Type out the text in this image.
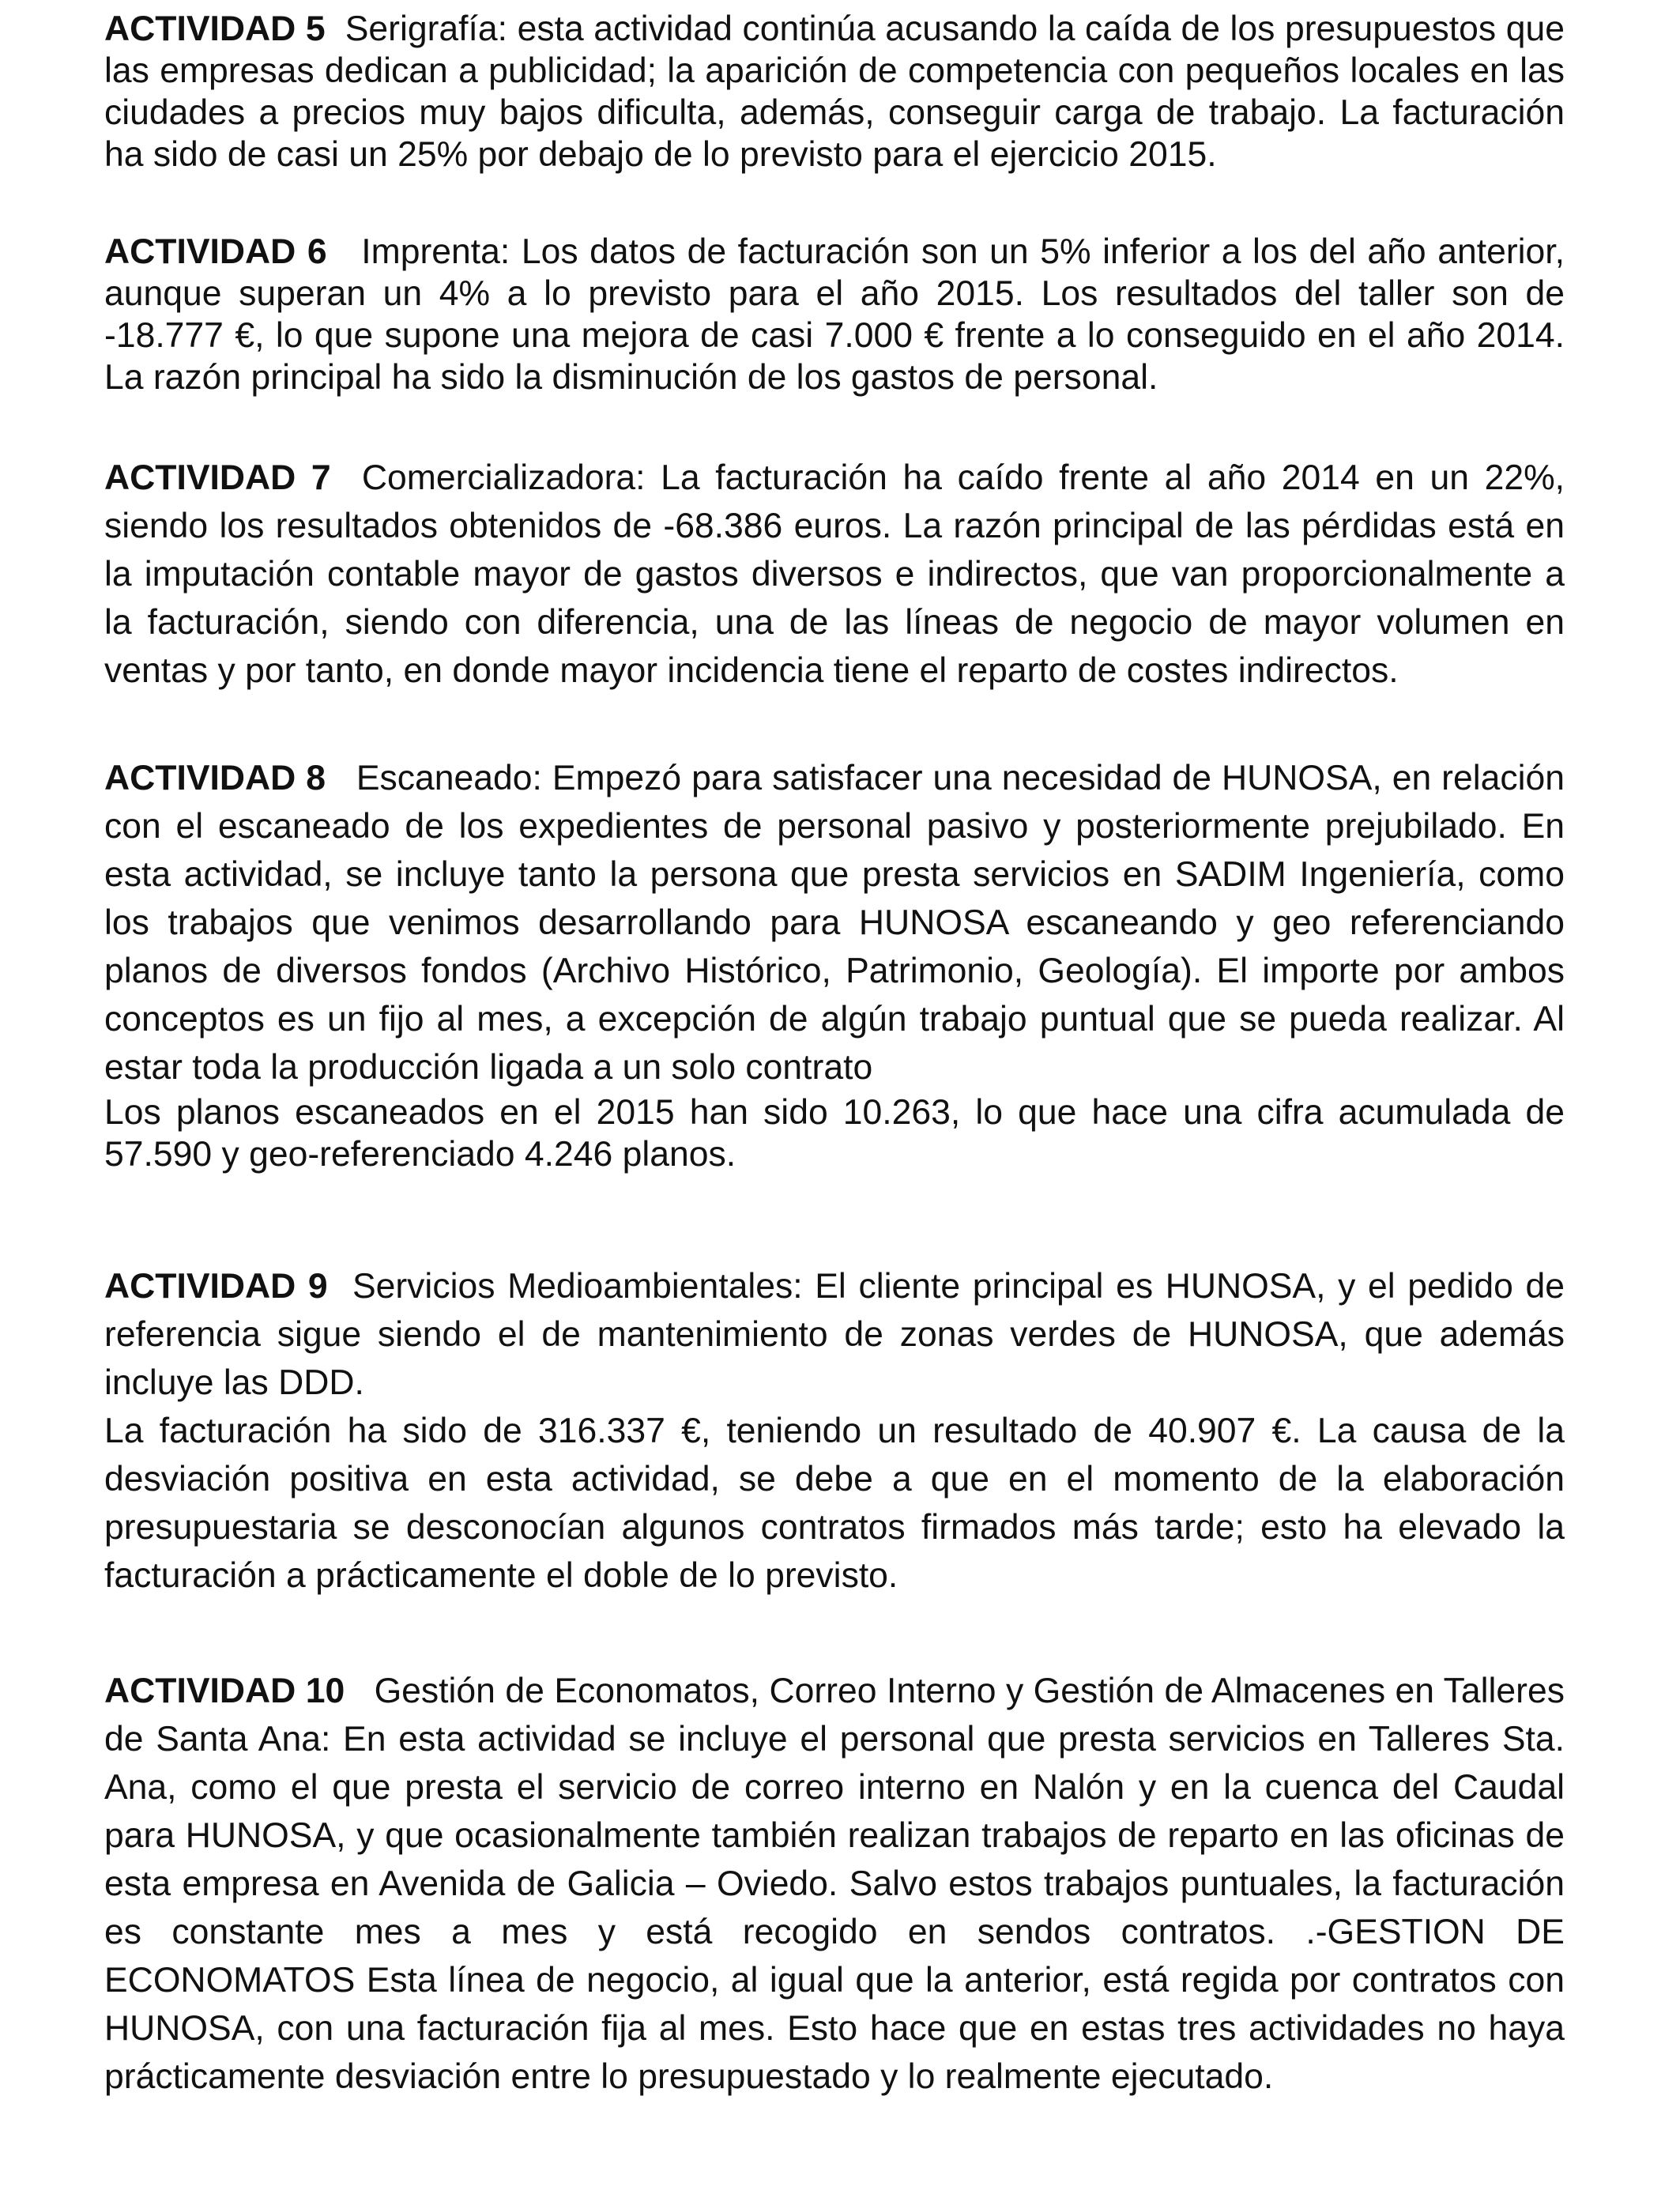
ACTIVIDAD 5 Serigrafía: esta actividad continúa acusando la caída de los presupuestos que las empresas dedican a publicidad; la aparición de competencia con pequeños locales en las ciudades a precios muy bajos dificulta, además, conseguir carga de trabajo. La facturación ha sido de casi un 25% por debajo de lo previsto para el ejercicio 2015.

ACTIVIDAD 6 Imprenta: Los datos de facturación son un 5% inferior a los del año anterior, aunque superan un 4% a lo previsto para el año 2015. Los resultados del taller son de -18.777 €, lo que supone una mejora de casi 7.000 € frente a lo conseguido en el año 2014. La razón principal ha sido la disminución de los gastos de personal.

ACTIVIDAD 7 Comercializadora: La facturación ha caído frente al año 2014 en un 22%, siendo los resultados obtenidos de -68.386 euros. La razón principal de las pérdidas está en la imputación contable mayor de gastos diversos e indirectos, que van proporcionalmente a la facturación, siendo con diferencia, una de las líneas de negocio de mayor volumen en ventas y por tanto, en donde mayor incidencia tiene el reparto de costes indirectos.

ACTIVIDAD 8 Escaneado: Empezó para satisfacer una necesidad de HUNOSA, en relación con el escaneado de los expedientes de personal pasivo y posteriormente prejubilado. En esta actividad, se incluye tanto la persona que presta servicios en SADIM Ingeniería, como los trabajos que venimos desarrollando para HUNOSA escaneando y geo referenciando planos de diversos fondos (Archivo Histórico, Patrimonio, Geología). El importe por ambos conceptos es un fijo al mes, a excepción de algún trabajo puntual que se pueda realizar. Al estar toda la producción ligada a un solo contrato

Los planos escaneados en el 2015 han sido 10.263, lo que hace una cifra acumulada de 57.590 y geo-referenciado 4.246 planos.

ACTIVIDAD 9 Servicios Medioambientales: El cliente principal es HUNOSA, y el pedido de referencia sigue siendo el de mantenimiento de zonas verdes de HUNOSA, que además incluye las DDD.

La facturación ha sido de 316.337 €, teniendo un resultado de 40.907 €. La causa de la desviación positiva en esta actividad, se debe a que en el momento de la elaboración presupuestaria se desconocían algunos contratos firmados más tarde; esto ha elevado la facturación a prácticamente el doble de lo previsto.

ACTIVIDAD 10 Gestión de Economatos, Correo Interno y Gestión de Almacenes en Talleres de Santa Ana: En esta actividad se incluye el personal que presta servicios en Talleres Sta. Ana, como el que presta el servicio de correo interno en Nalón y en la cuenca del Caudal para HUNOSA, y que ocasionalmente también realizan trabajos de reparto en las oficinas de esta empresa en Avenida de Galicia – Oviedo. Salvo estos trabajos puntuales, la facturación es constante mes a mes y está recogido en sendos contratos. .-GESTION DE ECONOMATOS Esta línea de negocio, al igual que la anterior, está regida por contratos con HUNOSA, con una facturación fija al mes. Esto hace que en estas tres actividades no haya prácticamente desviación entre lo presupuestado y lo realmente ejecutado.
